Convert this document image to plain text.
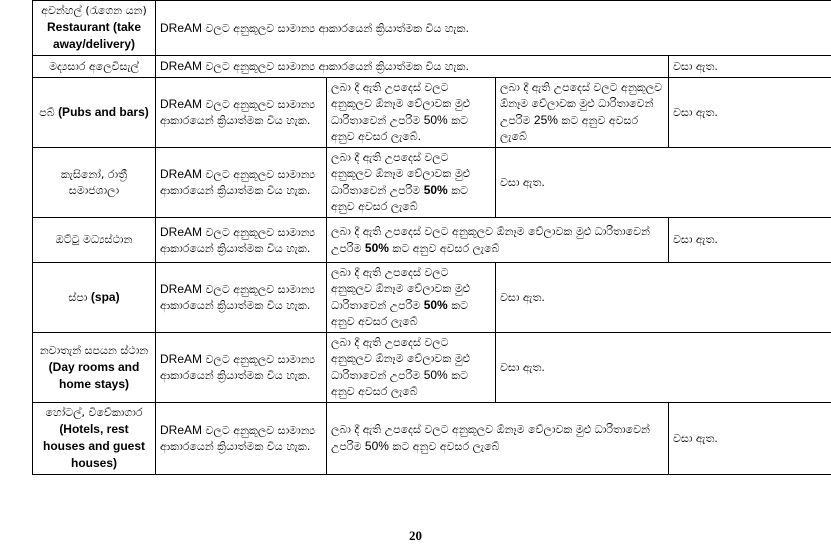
අවන්හල් (රැගෙන යන)
Restaurant (take away/delivery)	DReAM වලට අනුකූලව සාමාන්‍ය ආකාරයෙන් ක්‍රියාත්මක විය හැක.			
මද්‍යසාර අලෙවිසැල්	DReAM වලට අනුකූලව සාමාන්‍ය ආකාරයෙන් ක්‍රියාත්මක විය හැක.			වසා ඇත.
පබ් (Pubs and bars)	DReAM වලට අනුකූලව සාමාන්‍ය ආකාරයෙන් ක්‍රියාත්මක විය හැක.	ලබා දී ඇති උපදෙස් වලට අනුකූලව ඕනෑම වේලාවක මුළු ධාරිතාවෙන් උපරිම 50% කට අනුව අවසර ලැබේ.	ලබා දී ඇති උපදෙස් වලට අනුකූලව ඕනෑම වේලාවක මුළු ධාරිතාවෙන් උපරිම 25% කට අනුව අවසර ලැබේ	වසා ඇත.
කැසිනෝ, රාත්‍රී සමාජශාලා	DReAM වලට අනුකූලව සාමාන්‍ය ආකාරයෙන් ක්‍රියාත්මක විය හැක.	ලබා දී ඇති උපදෙස් වලට අනුකූලව ඕනෑම වේලාවක මුළු ධාරිතාවෙන් උපරිම 50% කට අනුව අවසර ලැබේ	වසා ඇත.	
ඔට්ටු මධ්‍යස්ථාන	DReAM වලට අනුකූලව සාමාන්‍ය ආකාරයෙන් ක්‍රියාත්මක විය හැක.	ලබා දී ඇති උපදෙස් වලට අනුකූලව ඕනෑම වේලාවක මුළු ධාරිතාවෙන් උපරිම 50% කට අනුව අවසර ලැබේ		වසා ඇත.
ස්පා (spa)	DReAM වලට අනුකූලව සාමාන්‍ය ආකාරයෙන් ක්‍රියාත්මක විය හැක.	ලබා දී ඇති උපදෙස් වලට අනුකූලව ඕනෑම වේලාවක මුළු ධාරිතාවෙන් උපරිම 50% කට අනුව අවසර ලැබේ	වසා ඇත.	
නවාතැන් සපයන ස්ථාන
(Day rooms and home stays)	DReAM වලට අනුකූලව සාමාන්‍ය ආකාරයෙන් ක්‍රියාත්මක විය හැක.	ලබා දී ඇති උපදෙස් වලට අනුකූලව ඕනෑම වේලාවක මුළු ධාරිතාවෙන් උපරිම 50% කට අනුව අවසර ලැබේ	වසා ඇත.	
හෝටල්, විවේකාගාර
(Hotels, rest houses and guest houses)	DReAM වලට අනුකූලව සාමාන්‍ය ආකාරයෙන් ක්‍රියාත්මක විය හැක.	ලබා දී ඇති උපදෙස් වලට අනුකූලව ඕනෑම වේලාවක මුළු ධාරිතාවෙන් උපරිම 50% කට අනුව අවසර ලැබේ		වසා ඇත.
20
